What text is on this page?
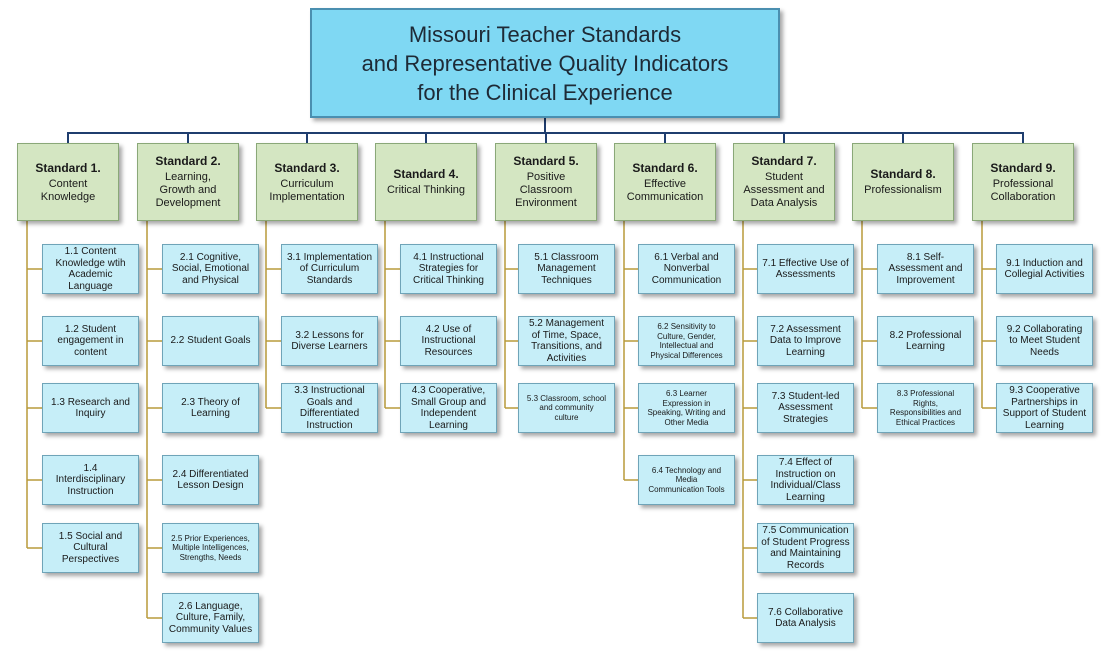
Missouri Teacher Standards
and Representative Quality Indicators
for the Clinical Experience
Standard 1.
Content
Knowledge
1.1 Content
Knowledge wtih
Academic
Language
1.2 Student
engagement in
content
1.3 Research and
Inquiry
1.4
Interdisciplinary
Instruction
1.5 Social and
Cultural
Perspectives
Standard 2.
Learning,
Growth and
Development
2.1 Cognitive,
Social, Emotional
and Physical
2.2 Student Goals
2.3 Theory of
Learning
2.4 Differentiated
Lesson Design
2.5 Prior Experiences,
Multiple Intelligences,
Strengths, Needs
2.6 Language,
Culture, Family,
Community Values
Standard 3.
Curriculum
Implementation
3.1 Implementation
of Curriculum
Standards
3.2 Lessons for
Diverse Learners
3.3 Instructional
Goals and
Differentiated
Instruction
Standard 4.
Critical Thinking
4.1 Instructional
Strategies for
Critical Thinking
4.2 Use of
Instructional
Resources
4.3 Cooperative,
Small Group and
Independent
Learning
Standard 5.
Positive
Classroom
Environment
5.1 Classroom
Management
Techniques
5.2 Management
of Time, Space,
Transitions, and
Activities
5.3 Classroom, school
and community
culture
Standard 6.
Effective
Communication
6.1 Verbal and
Nonverbal
Communication
6.2 Sensitivity to
Culture, Gender,
Intellectual and
Physical Differences
6.3 Learner
Expression in
Speaking, Writing and
Other Media
6.4 Technology and
Media
Communication Tools
Standard 7.
Student
Assessment and
Data Analysis
7.1 Effective Use of
Assessments
7.2 Assessment
Data to Improve
Learning
7.3 Student-led
Assessment
Strategies
7.4 Effect of
Instruction on
Individual/Class
Learning
7.5 Communication
of Student Progress
and Maintaining
Records
7.6 Collaborative
Data Analysis
Standard 8.
Professionalism
8.1 Self-
Assessment and
Improvement
8.2 Professional
Learning
8.3 Professional
Rights,
Responsibilities and
Ethical Practices
Standard 9.
Professional
Collaboration
9.1 Induction and
Collegial Activities
9.2 Collaborating
to Meet Student
Needs
9.3 Cooperative
Partnerships in
Support of Student
Learning
